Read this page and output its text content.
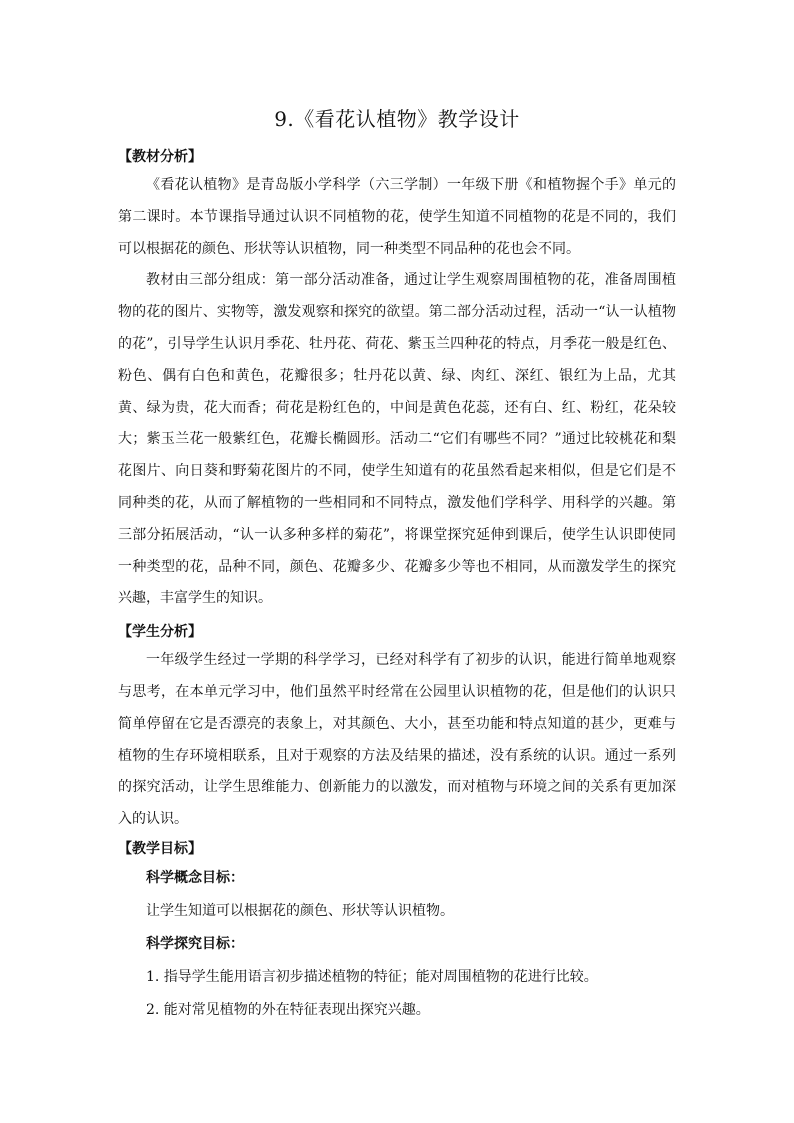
9.《看花认植物》教学设计

【教材分析】

《看花认植物》是青岛版小学科学（六三学制）一年级下册《和植物握个手》单元的第二课时。本节课指导通过认识不同植物的花，使学生知道不同植物的花是不同的，我们可以根据花的颜色、形状等认识植物，同一种类型不同品种的花也会不同。

教材由三部分组成：第一部分活动准备，通过让学生观察周围植物的花，准备周围植物的花的图片、实物等，激发观察和探究的欲望。第二部分活动过程，活动一“认一认植物的花”，引导学生认识月季花、牡丹花、荷花、紫玉兰四种花的特点，月季花一般是红色、粉色、偶有白色和黄色，花瓣很多；牡丹花以黄、绿、肉红、深红、银红为上品，尤其黄、绿为贵，花大而香；荷花是粉红色的，中间是黄色花蕊，还有白、红、粉红，花朵较大；紫玉兰花一般紫红色，花瓣长椭圆形。活动二“它们有哪些不同？”通过比较桃花和梨花图片、向日葵和野菊花图片的不同，使学生知道有的花虽然看起来相似，但是它们是不同种类的花，从而了解植物的一些相同和不同特点，激发他们学科学、用科学的兴趣。第三部分拓展活动，“认一认多种多样的菊花”，将课堂探究延伸到课后，使学生认识即使同一种类型的花，品种不同，颜色、花瓣多少、花瓣多少等也不相同，从而激发学生的探究兴趣，丰富学生的知识。

【学生分析】

一年级学生经过一学期的科学学习，已经对科学有了初步的认识，能进行简单地观察与思考，在本单元学习中，他们虽然平时经常在公园里认识植物的花，但是他们的认识只简单停留在它是否漂亮的表象上，对其颜色、大小，甚至功能和特点知道的甚少，更难与植物的生存环境相联系，且对于观察的方法及结果的描述，没有系统的认识。通过一系列的探究活动，让学生思维能力、创新能力的以激发，而对植物与环境之间的关系有更加深入的认识。

【教学目标】

科学概念目标：

让学生知道可以根据花的颜色、形状等认识植物。

科学探究目标：

1. 指导学生能用语言初步描述植物的特征；能对周围植物的花进行比较。

2. 能对常见植物的外在特征表现出探究兴趣。
